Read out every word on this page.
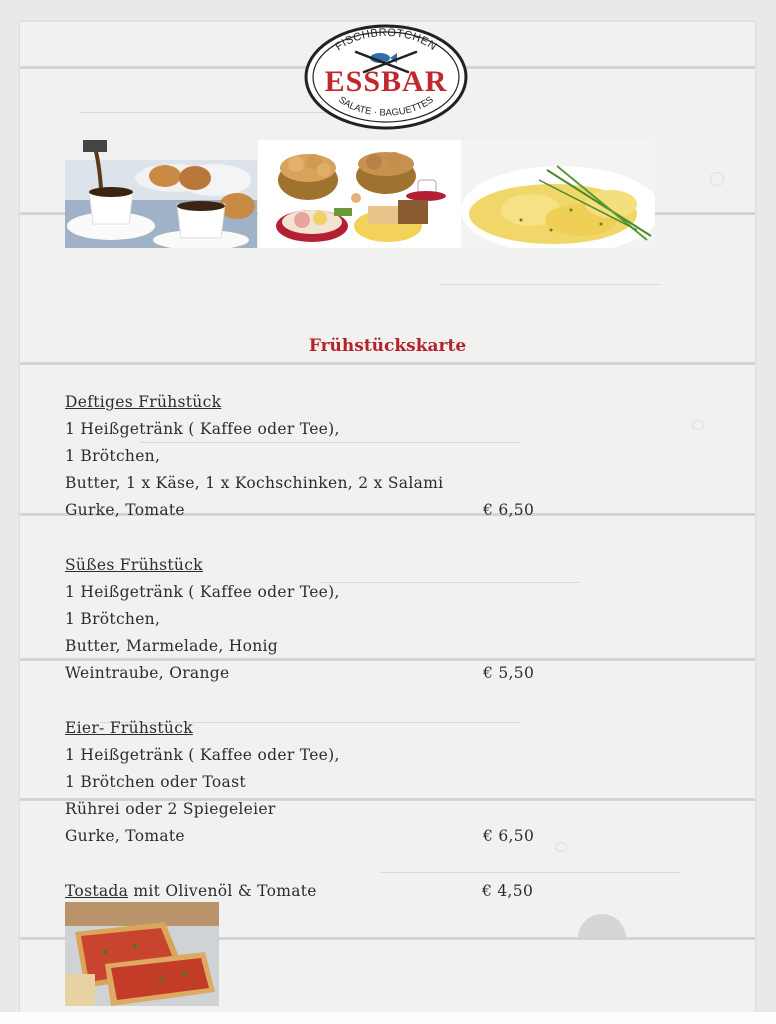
FISCHBRÖTCHEN
ESSBAR
SALATE · BAGUETTES
Frühstückskarte
Deftiges Frühstück
1 Heißgetränk ( Kaffee oder Tee),
1 Brötchen,
Butter, 1 x Käse, 1 x Kochschinken, 2 x Salami
Gurke, Tomate	€ 6,50
Süßes Frühstück
1 Heißgetränk ( Kaffee oder Tee),
1 Brötchen,
Butter, Marmelade, Honig
Weintraube, Orange	€ 5,50
Eier- Frühstück
1 Heißgetränk ( Kaffee oder Tee),
1 Brötchen oder Toast
Rührei oder 2 Spiegeleier
Gurke, Tomate	€ 6,50
Tostada mit Olivenöl & Tomate	€ 4,50
